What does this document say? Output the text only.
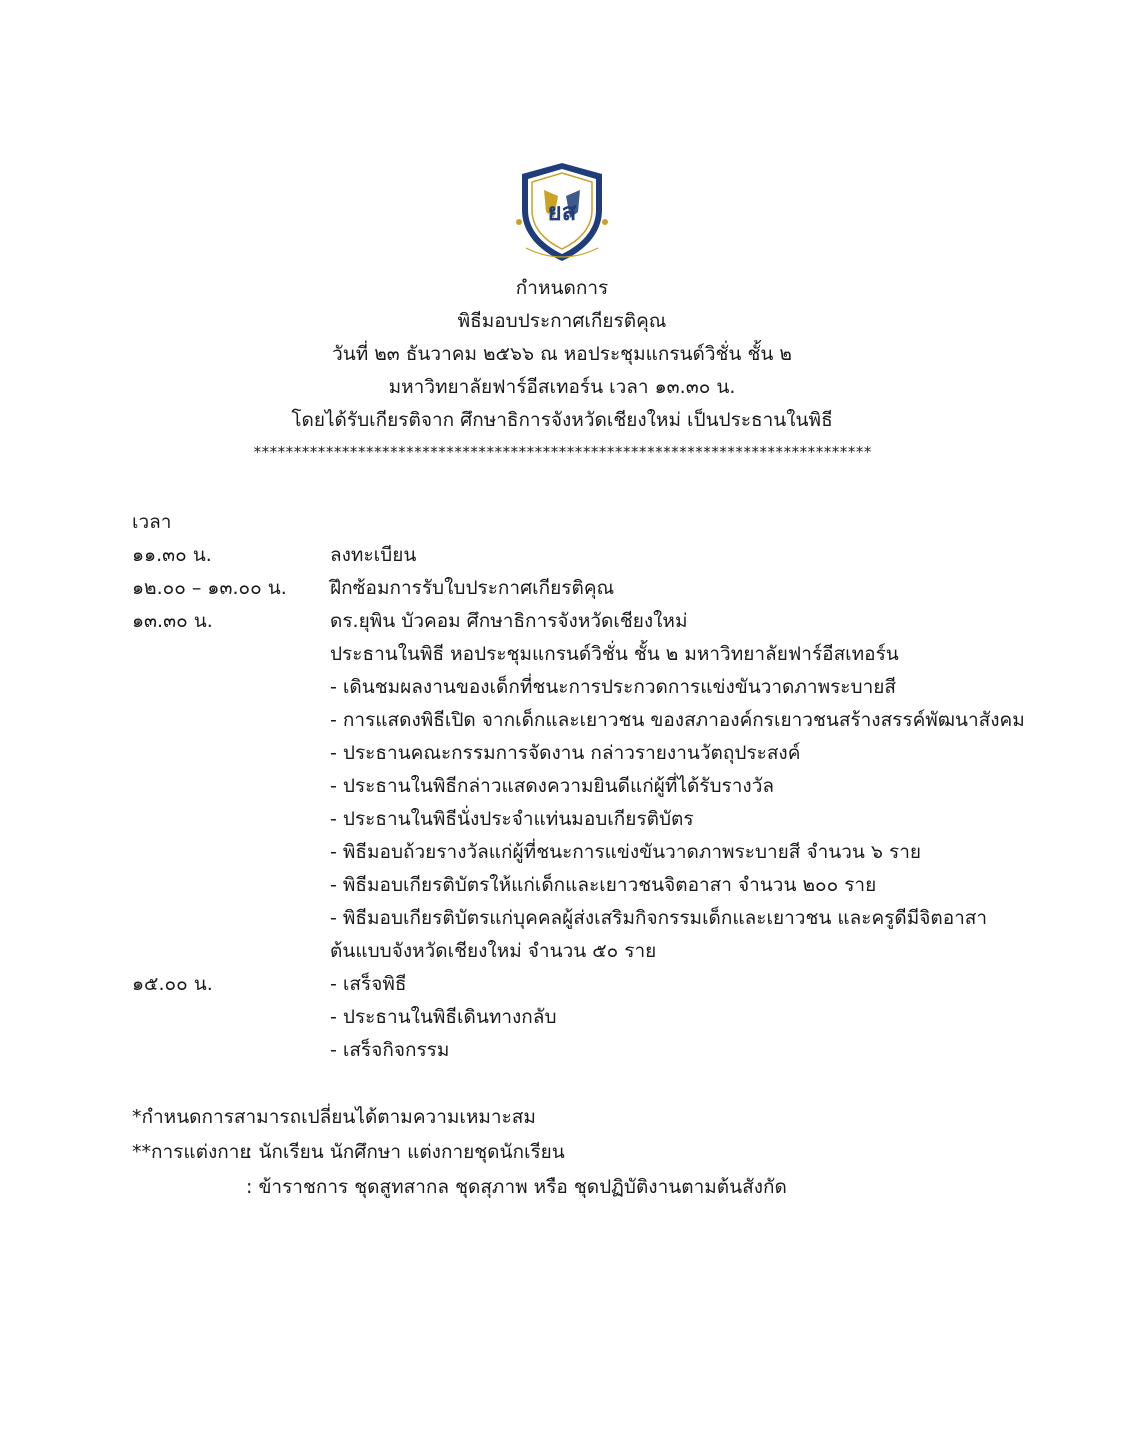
ยส
กำหนดการ
พิธีมอบประกาศเกียรติคุณ
วันที่ ๒๓ ธันวาคม ๒๕๖๖ ณ หอประชุมแกรนด์วิชั่น ชั้น ๒
มหาวิทยาลัยฟาร์อีสเทอร์น เวลา ๑๓.๓๐ น.
โดยได้รับเกียรติจาก ศึกษาธิการจังหวัดเชียงใหม่ เป็นประธานในพิธี
*****************************************************************************
เวลา
๑๑.๓๐ น.	ลงทะเบียน
๑๒.๐๐ – ๑๓.๐๐ น. ฝึกซ้อมการรับใบประกาศเกียรติคุณ
๑๓.๓๐ น.	ดร.ยุพิน บัวคอม ศึกษาธิการจังหวัดเชียงใหม่
ประธานในพิธี หอประชุมแกรนด์วิชั่น ชั้น ๒ มหาวิทยาลัยฟาร์อีสเทอร์น
- เดินชมผลงานของเด็กที่ชนะการประกวดการแข่งขันวาดภาพระบายสี
- การแสดงพิธีเปิด จากเด็กและเยาวชน ของสภาองค์กรเยาวชนสร้างสรรค์พัฒนาสังคม
- ประธานคณะกรรมการจัดงาน กล่าวรายงานวัตถุประสงค์
- ประธานในพิธีกล่าวแสดงความยินดีแก่ผู้ที่ได้รับรางวัล
- ประธานในพิธีนั่งประจำแท่นมอบเกียรติบัตร
- พิธีมอบถ้วยรางวัลแก่ผู้ที่ชนะการแข่งขันวาดภาพระบายสี จำนวน ๖ ราย
- พิธีมอบเกียรติบัตรให้แก่เด็กและเยาวชนจิตอาสา จำนวน ๒๐๐ ราย
- พิธีมอบเกียรติบัตรแก่บุคคลผู้ส่งเสริมกิจกรรมเด็กและเยาวชน และครูดีมีจิตอาสา
ต้นแบบจังหวัดเชียงใหม่ จำนวน ๕๐ ราย
๑๕.๐๐ น.	- เสร็จพิธี
- ประธานในพิธีเดินทางกลับ
- เสร็จกิจกรรม
*กำหนดการสามารถเปลี่ยนได้ตามความเหมาะสม
**การแต่งกาย
: นักเรียน นักศึกษา แต่งกายชุดนักเรียน
: ข้าราชการ ชุดสูทสากล ชุดสุภาพ หรือ ชุดปฏิบัติงานตามต้นสังกัด
